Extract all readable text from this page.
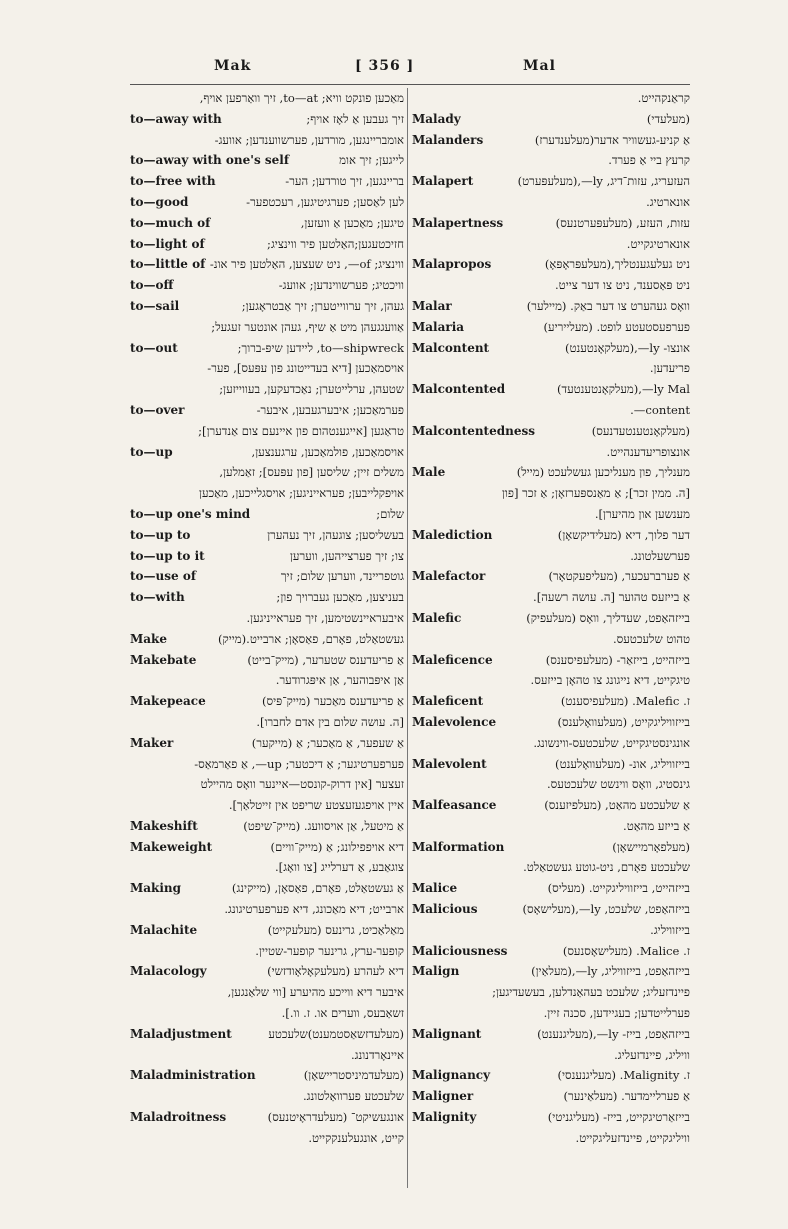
Mak	[ 356 ]	Mal
מאַכען פונקט וויא; to—at, זיך וואַרפען אויף,
to—away with	זיך געבען אַ לאָז אויף;
אומבריינגען, מורדען, פערשווענדען; אוועג-
to—away with one's self	לייגען; זיך אומ
to—free with	בריינגען, זיך טורדען; הער-
to—good	לען לאַסען; פערגיטיגען, רעכטפער-
to—much of	טיגען; מאַכען אַ וועזען,
to—light of	חזיכטעגען;האַלטען פיר ווינציג;
to—little of ווינציג; of—, ניט שעצען, האַלטען פיר אונ-
to—off	וויכטיג; פערשווינדען; אוועג-
to—sail	געהן, זיך ערווייטערן; זיך אַבטראָגען;
אַוועגגעהן מיט אַ שיף, געהן אונטער זעגעל;
to—out	to—shipwreck, ליידען שיפּ-ברוך;
אויסמאַכען [דיא בעדייטונג פון עפּעס], פער-
שטעהן, ערלייטערן; נאַכדעקען, בעווייזען;
to—over	פערמאַכען; איבערגעבען, איבער-
טראַגען [אייגענטהום פון איינעם צום אַנדערן];
to—up	אויסמאַכען, פולמאַכען, ערגענצען,
משלים זיין; שליסען [פון עפּעס]; זאַמלען,
אויפקלייבען; פעראייניגען; אויסגלייכען, מאַכען
to—up one's mind	שלום;
to—up to	בעשליסען; צוגעהן, זיך נעהערן
to—up to it	צו; זיך פערצייהען, ווערען
to—use of	גוטפריינד, ווערען שלום; זיך
to—with	בעניצען, מאַכען געברויך פון;
איבעראיינשטימען, זיך פעראייניגען.
Make	געשטאַלט, פאָרם, פאַסאָן; ארבייט.(מייק)
Makebate	אַ פריעדענס שטערער, (מייק־בייט)
אַן איפּבוהער, אַן איפּגרודער.
Makepeace	אַ פריעדענס מאַכער (מייק־פּיס)
[ה. עושה שלום בין אדם לחברו].
Maker	אַ שעפער, אַ מאַכער; אַ (מייקער)
פערפערטיגער; אַ דיכטער; up—, אַ פאַרמאַס-
זעצער [אין דרוק-קונסט—איינער וואָס מהיילט
איין אויפגעזעצטע שריפט אין זייטלאַך].
Makeshift	אַ מיטעל, אַן אויסוועג. (מייק־שיפט)
Makeweight	דיא אויפפילונג; אַ (מייק־וויים)
צוגאַבע, אַ דערלייג [צו וואָג].
Making	אַ געשטאַלט, פאָרם, פאַסאָן, (מייקינג)
ארבייט; דיא מאַכונג, דיא פערפערטיגונג.
Malachite	מאַלאַכיט, גרינעס (מעלעקייט)
קופער-ערץ, גרינער קופער-שטיין.
Malacology	דיא לעהרע (מעלעקאָלאָודזשי)
איבער דיא ווייכע מהיערע [ווי שלאַנגען,
זשאַבעס, ווערים או. ז. וו.].
Maladjustment	(מעלעדזשאַסטמענט)שלעכטע
איינאָרדנונג.
Maladministration	(מעלעדמיניסטריישאָן)
שלעכטע פערוואַלטונג.
Maladroitness	אונגעשיקט־ (מעלעדראָיטנעס)
קייט, אונגעלענקקייט.
קראַנקהייט.
Malady	(מעלעדי)
Malanders	אַ קניע-געשוויר אדער(מעלענדערז)
קרעץ ביי אַ פערד.
Malapert	העזעריג, עזות־דיג, ly—,(מעלעפּערט)
אונארטיג.
Malapertness	עזות, העזע, (מעלעפּערטנעס)
אונארטיגקייט.
Malapropos	ניט געלעגענטליך,(מעלעפּראָפּאָ)
ניט פּאַסענד, ניט צו דער צייט.
Malar	וואָס געהערט צו דער באַק. (מיילער)
Malaria	פערפעסטעטע לופט. (מעלייריע)
Malcontent	אונצו- ly—,(מעלקאָנטענט)
פריעדען.
Malcontented	ly Mal—,(מעלקאָנטענטעד)
content—.
Malcontentedness	(מעלקאָנטענטעדנעס)
אונצופריעדענהייט.
Male	מענליך, פון מענליכען געשלעכט (מייל)
[ה. ממין זכר]; אַ מאַנספּערזאָן; אַ זכר [פון
מענשען און מהיערן].
Malediction	דער פלוך, דיא (מעלידיקשאָן)
פערשעלטונג.
Malefactor	אַ פערברעכער, (מעליפעקטאָר)
אַ בייזעס טהוער [ה. עושה רשעה].
Malefic	בייזהאַפט, שעדליך, וואָס (מעלעפיק)
טהוט שלעכטעס.
Maleficence	בייזהייט, בייזאַר- (מעלעפיסענס)
טיגקייט, דיא נייגונג צו טהאָן בייזעס.
Maleficent	ז. Malefic. (מעלעפיסענט)
Malevolence	בייזוויליגקייט, (מעלעוואָלענס)
אונגינסטיגקייט, שלעכטעס-ווינשונג.
Malevolent	בייזוויליג, אונ- (מעלעוואָלענט)
גינסטיג, וואָס ווינשט שלעכטעס.
Malfeasance	אַ שלעכטע מהאַט, (מעלפיזענס)
אַ בייזע מהאַט.
Malformation	(מעלפאָרמיישאָן)
שלעכטע פאָרם, ניט-גוטע געשטאַלט.
Malice	בייזהייט, בייזוויליגקייט. (מעליס)
Malicious	בייזהאַפט, שלעכט, ly—,(מעלישאָס)
בייזוויליג.
Maliciousness	ז. Malice. (מעלישאָסנעס)
Malign	בייזהאַפט, בייזוויליג, ly—,(מעלאַין)
פיינדזעליג; שלעכט בעהאַנדלען, בעשעדיגען;
פערלייטדען; בעגיידען, סכנה זיין.
Malignant	בייזהאַפט, בייז- ly—,(מעליגנענט)
וויליג, פיינדזעליג.
Malignancy	ז. Malignity. (מעליגנענסי)
Maligner	אַ פערליימדער. (מעלאַינער)
Malignity	בייזאַרטיגקייט, בייז- (מעליגניטי)
וויליגקייט, פיינדזעליגקייט.
